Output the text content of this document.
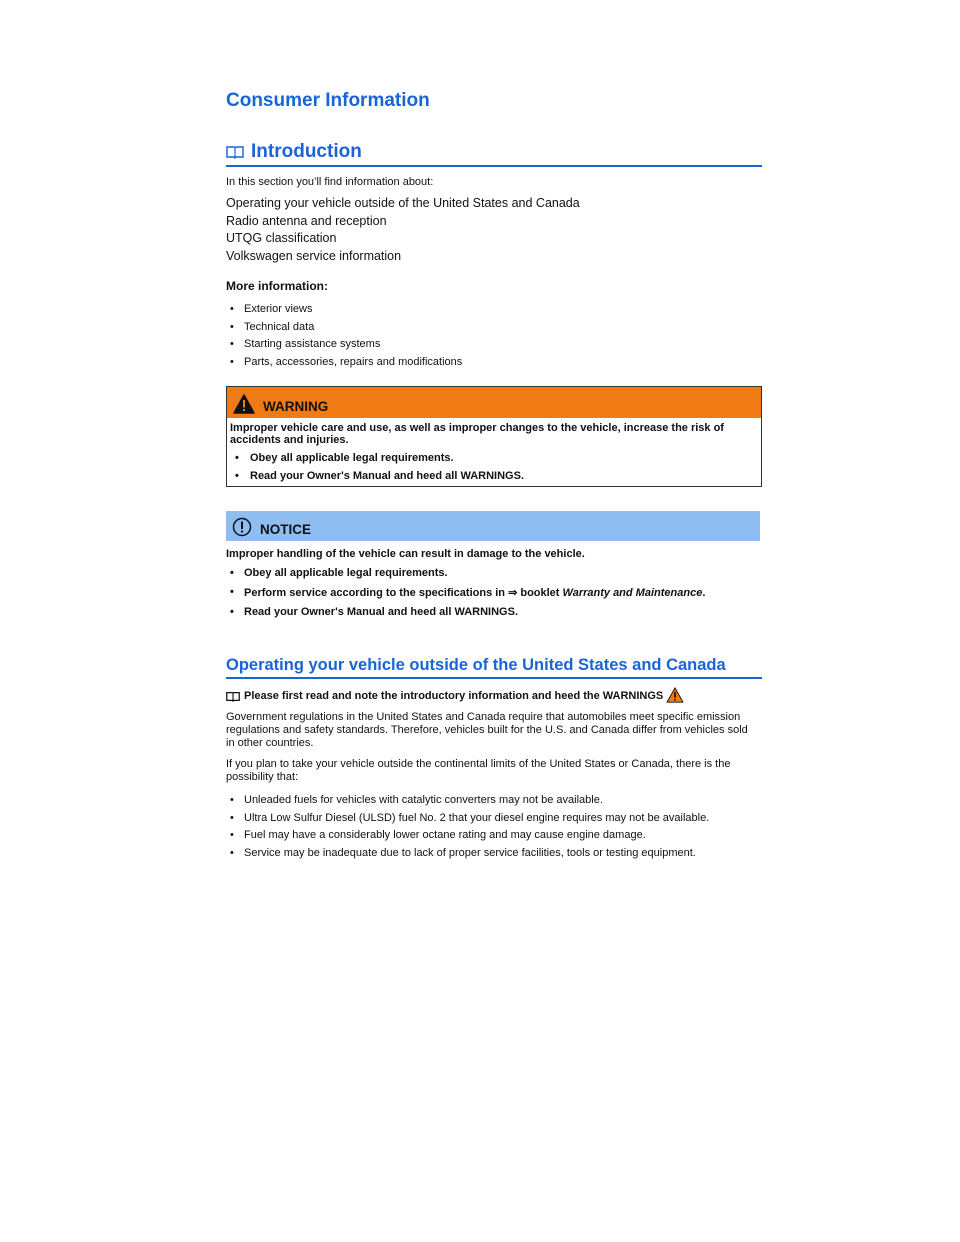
Consumer Information
Introduction
In this section you’ll find information about:
Operating your vehicle outside of the United States and Canada
Radio antenna and reception
UTQG classification
Volkswagen service information
More information:
• Exterior views
• Technical data
• Starting assistance systems
• Parts, accessories, repairs and modifications
WARNING
Improper vehicle care and use, as well as improper changes to the vehicle, increase the risk of accidents and injuries.
• Obey all applicable legal requirements.
• Read your Owner's Manual and heed all WARNINGS.
NOTICE
Improper handling of the vehicle can result in damage to the vehicle.
• Obey all applicable legal requirements.
• Perform service according to the specifications in ⇒ booklet Warranty and Maintenance.
• Read your Owner's Manual and heed all WARNINGS.
Operating your vehicle outside of the United States and Canada
Please first read and note the introductory information and heed the WARNINGS
Government regulations in the United States and Canada require that automobiles meet specific emission regulations and safety standards. Therefore, vehicles built for the U.S. and Canada differ from vehicles sold in other countries.
If you plan to take your vehicle outside the continental limits of the United States or Canada, there is the possibility that:
• Unleaded fuels for vehicles with catalytic converters may not be available.
• Ultra Low Sulfur Diesel (ULSD) fuel No. 2 that your diesel engine requires may not be available.
• Fuel may have a considerably lower octane rating and may cause engine damage.
• Service may be inadequate due to lack of proper service facilities, tools or testing equipment.
